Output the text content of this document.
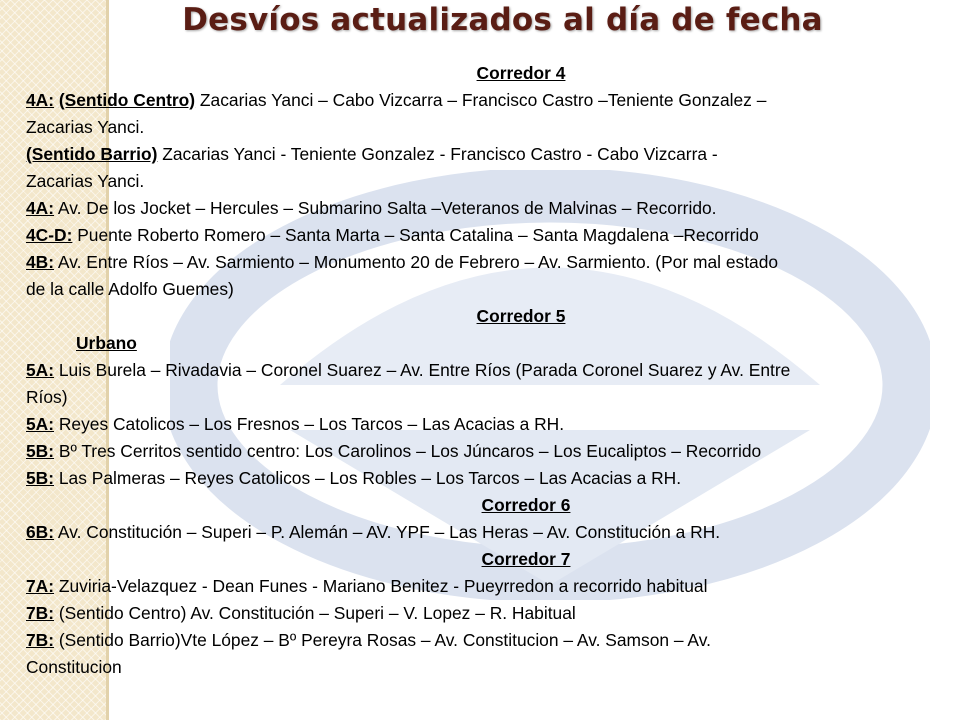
Desvíos actualizados al día de fecha
Corredor 4
4A: (Sentido Centro) Zacarias Yanci – Cabo Vizcarra – Francisco Castro –Teniente Gonzalez –
Zacarias Yanci.
(Sentido Barrio) Zacarias Yanci - Teniente Gonzalez - Francisco Castro - Cabo Vizcarra -
Zacarias Yanci.
4A: Av. De los Jocket – Hercules – Submarino Salta –Veteranos de Malvinas – Recorrido.
4C-D: Puente Roberto Romero – Santa Marta – Santa Catalina – Santa Magdalena –Recorrido
4B: Av. Entre Ríos – Av. Sarmiento – Monumento 20 de Febrero – Av. Sarmiento. (Por mal estado
de la calle Adolfo Guemes)
Corredor 5
Urbano
5A: Luis Burela – Rivadavia – Coronel Suarez – Av. Entre Ríos (Parada Coronel Suarez y Av. Entre
Ríos)
5A: Reyes Catolicos – Los Fresnos – Los Tarcos – Las Acacias a RH.
5B: Bº Tres Cerritos sentido centro: Los Carolinos – Los Júncaros – Los Eucaliptos – Recorrido
5B: Las Palmeras – Reyes Catolicos – Los Robles – Los Tarcos – Las Acacias a RH.
Corredor 6
6B: Av. Constitución – Superi – P. Alemán – AV. YPF – Las Heras – Av. Constitución a RH.
Corredor 7
7A: Zuviria-Velazquez - Dean Funes - Mariano Benitez - Pueyrredon a recorrido habitual
7B: (Sentido Centro) Av. Constitución – Superi – V. Lopez – R. Habitual
7B: (Sentido Barrio)Vte López – Bº Pereyra Rosas – Av. Constitucion – Av. Samson – Av.
Constitucion
